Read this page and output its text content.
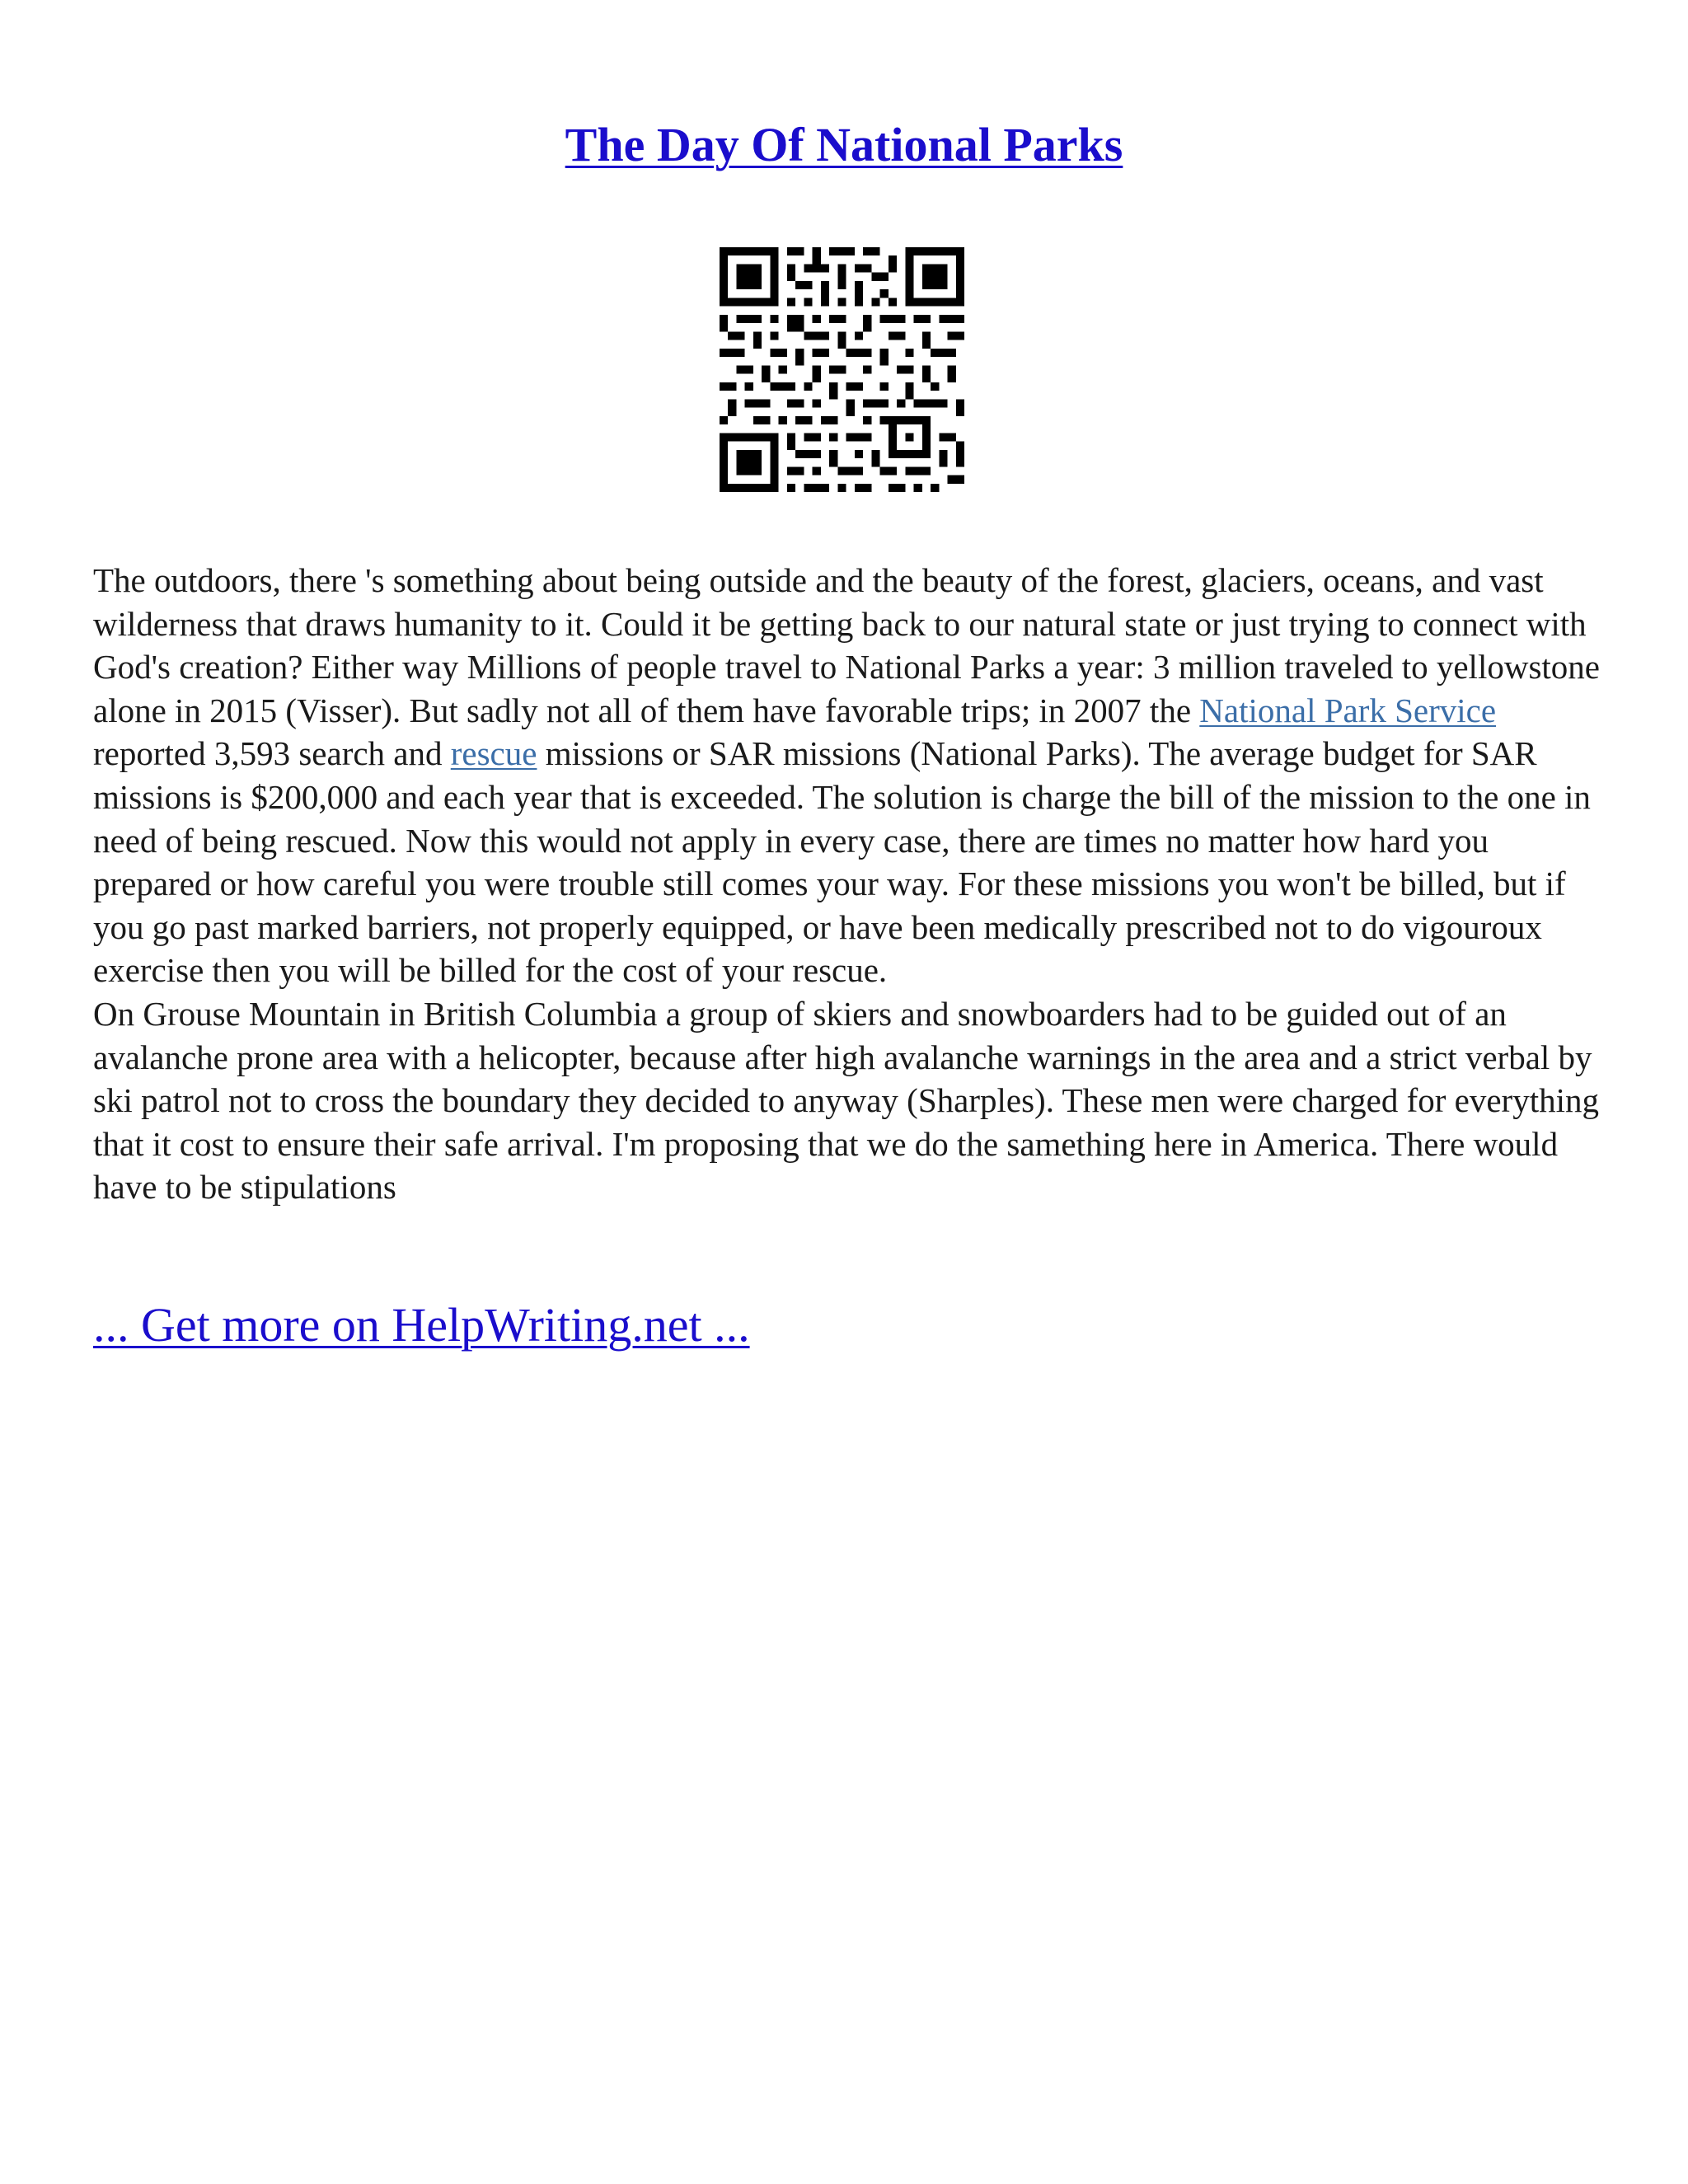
The Day Of National Parks

The outdoors, there 's something about being outside and the beauty of the forest, glaciers, oceans, and vast wilderness that draws humanity to it. Could it be getting back to our natural state or just trying to connect with God's creation? Either way Millions of people travel to National Parks a year: 3 million traveled to yellowstone alone in 2015 (Visser). But sadly not all of them have favorable trips; in 2007 the National Park Service reported 3,593 search and rescue missions or SAR missions (National Parks). The average budget for SAR missions is $200,000 and each year that is exceeded. The solution is charge the bill of the mission to the one in need of being rescued. Now this would not apply in every case, there are times no matter how hard you prepared or how careful you were trouble still comes your way. For these missions you won't be billed, but if you go past marked barriers, not properly equipped, or have been medically prescribed not to do vigouroux exercise then you will be billed for the cost of your rescue.

On Grouse Mountain in British Columbia a group of skiers and snowboarders had to be guided out of an avalanche prone area with a helicopter, because after high avalanche warnings in the area and a strict verbal by ski patrol not to cross the boundary they decided to anyway (Sharples). These men were charged for everything that it cost to ensure their safe arrival. I'm proposing that we do the samething here in America. There would have to be stipulations

... Get more on HelpWriting.net ...
